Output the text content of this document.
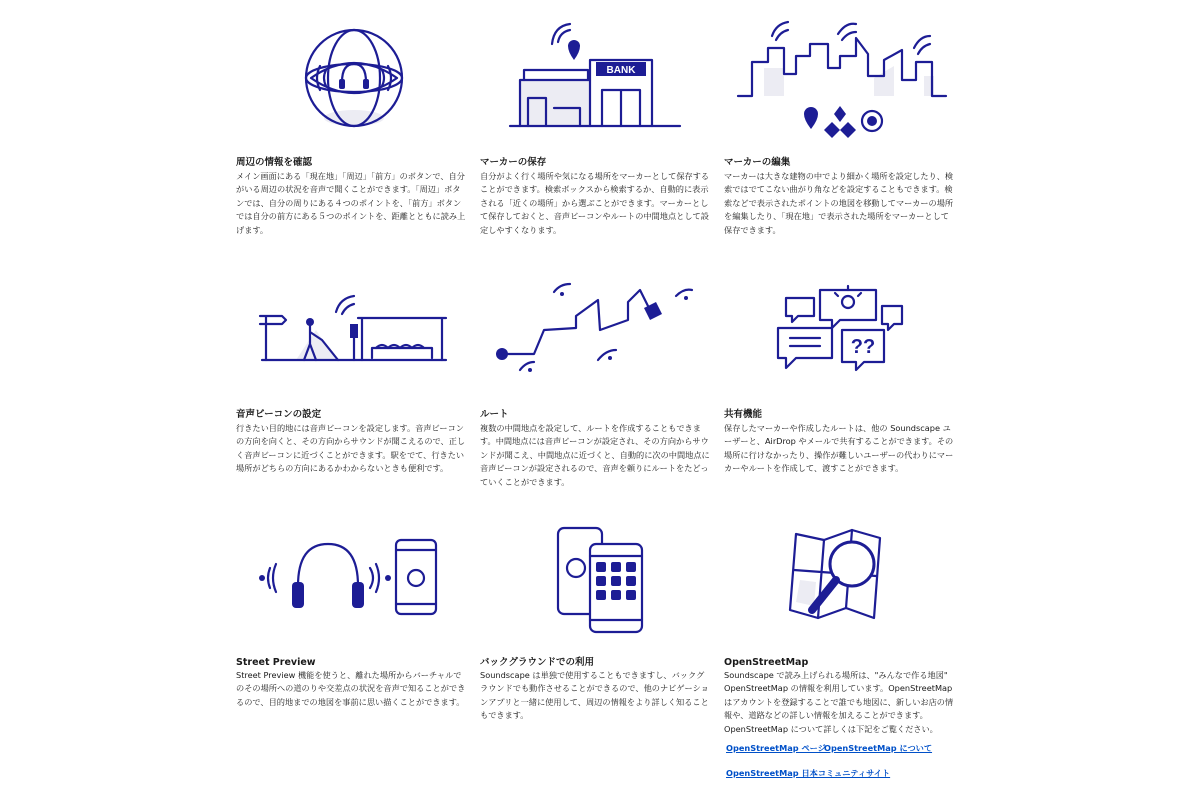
周辺の情報を確認
メイン画面にある「現在地」「周辺」「前方」のボタンで、自分がいる周辺の状況を音声で聞くことができます。「周辺」ボタンでは、自分の周りにある４つのポイントを、「前方」ボタンでは自分の前方にある５つのポイントを、距離とともに読み上げます。
BANK
マーカーの保存
自分がよく行く場所や気になる場所をマーカーとして保存することができます。検索ボックスから検索するか、自動的に表示される「近くの場所」から選ぶことができます。マーカーとして保存しておくと、音声ビーコンやルートの中間地点として設定しやすくなります。
マーカーの編集
マーカーは大きな建物の中でより細かく場所を設定したり、検索ではでてこない曲がり角などを設定することもできます。検索などで表示されたポイントの地図を移動してマーカーの場所を編集したり、「現在地」で表示された場所をマーカーとして保存できます。
音声ビーコンの設定
行きたい目的地には音声ビーコンを設定します。音声ビーコンの方向を向くと、その方向からサウンドが聞こえるので、正しく音声ビーコンに近づくことができます。駅をでて、行きたい場所がどちらの方向にあるかわからないときも便利です。
ルート
複数の中間地点を設定して、ルートを作成することもできます。中間地点には音声ビーコンが設定され、その方向からサウンドが聞こえ、中間地点に近づくと、自動的に次の中間地点に音声ビーコンが設定されるので、音声を頼りにルートをたどっていくことができます。
??
共有機能
保存したマーカーや作成したルートは、他の Soundscape ユーザーと、AirDrop やメールで共有することができます。その場所に行けなかったり、操作が難しいユーザーの代わりにマーカーやルートを作成して、渡すことができます。
Street Preview
Street Preview 機能を使うと、離れた場所からバーチャルでのその場所への道のりや交差点の状況を音声で知ることができるので、目的地までの地図を事前に思い描くことができます。
バックグラウンドでの利用
Soundscape は単独で使用することもできますし、バックグラウンドでも動作させることができるので、他のナビゲーションアプリと一緒に使用して、周辺の情報をより詳しく知ることもできます。
OpenStreetMap
Soundscape で読み上げられる場所は、"みんなで作る地図" OpenStreetMap の情報を利用しています。OpenStreetMap はアカウントを登録することで誰でも地図に、新しいお店の情報や、道路などの詳しい情報を加えることができます。OpenStreetMap について詳しくは下記をご覧ください。
OpenStreetMap ページ
OpenStreetMap について
OpenStreetMap 日本コミュニティサイト
